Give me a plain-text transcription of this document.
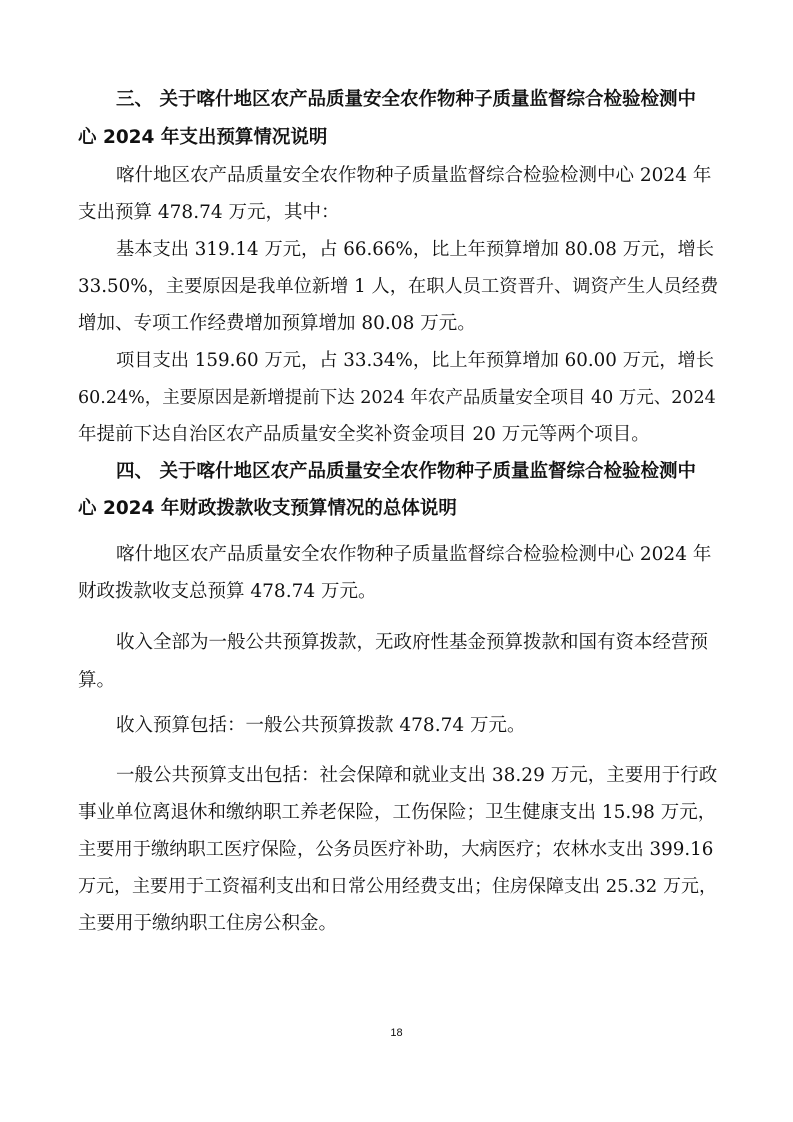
三、 关于喀什地区农产品质量安全农作物种子质量监督综合检验检测中
心 2024 年支出预算情况说明
喀什地区农产品质量安全农作物种子质量监督综合检验检测中心 2024 年
支出预算 478.74 万元，其中：
基本支出 319.14 万元，占 66.66%，比上年预算增加 80.08 万元，增长
33.50%，主要原因是我单位新增 1 人，在职人员工资晋升、调资产生人员经费
增加、专项工作经费增加预算增加 80.08 万元。
项目支出 159.60 万元，占 33.34%，比上年预算增加 60.00 万元，增长
60.24%，主要原因是新增提前下达 2024 年农产品质量安全项目 40 万元、2024
年提前下达自治区农产品质量安全奖补资金项目 20 万元等两个项目。
四、 关于喀什地区农产品质量安全农作物种子质量监督综合检验检测中
心 2024 年财政拨款收支预算情况的总体说明
喀什地区农产品质量安全农作物种子质量监督综合检验检测中心 2024 年
财政拨款收支总预算 478.74 万元。
收入全部为一般公共预算拨款，无政府性基金预算拨款和国有资本经营预
算。
收入预算包括：一般公共预算拨款 478.74 万元。
一般公共预算支出包括：社会保障和就业支出 38.29 万元，主要用于行政
事业单位离退休和缴纳职工养老保险，工伤保险；卫生健康支出 15.98 万元，
主要用于缴纳职工医疗保险，公务员医疗补助，大病医疗；农林水支出 399.16
万元，主要用于工资福利支出和日常公用经费支出；住房保障支出 25.32 万元，
主要用于缴纳职工住房公积金。
18
